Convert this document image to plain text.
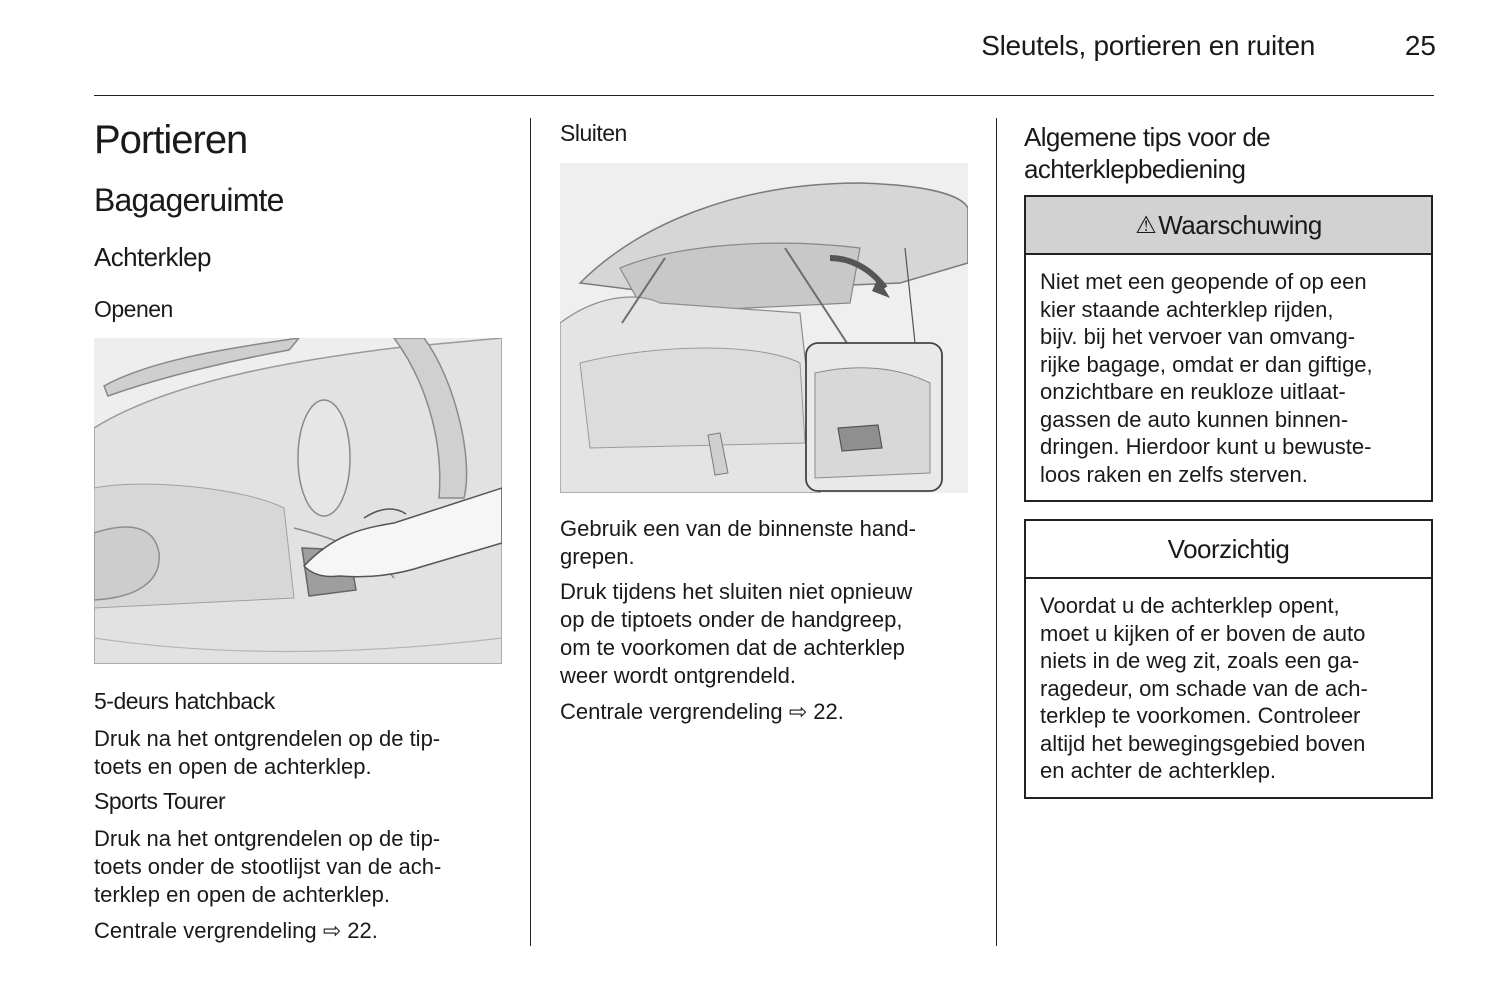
Sleutels, portieren en ruiten	25
Portieren
Bagageruimte
Achterklep
Openen
5-deurs hatchback
Druk na het ontgrendelen op de tip-
toets en open de achterklep.
Sports Tourer
Druk na het ontgrendelen op de tip-
toets onder de stootlijst van de ach-
terklep en open de achterklep.
Centrale vergrendeling ⇨ 22.
Sluiten
Gebruik een van de binnenste hand-
grepen.
Druk tijdens het sluiten niet opnieuw
op de tiptoets onder de handgreep,
om te voorkomen dat de achterklep
weer wordt ontgrendeld.
Centrale vergrendeling ⇨ 22.
Algemene tips voor de
achterklepbediening
⚠ Waarschuwing
Niet met een geopende of op een
kier staande achterklep rijden,
bijv. bij het vervoer van omvang-
rijke bagage, omdat er dan giftige,
onzichtbare en reukloze uitlaat-
gassen de auto kunnen binnen-
dringen. Hierdoor kunt u bewuste-
loos raken en zelfs sterven.
Voorzichtig
Voordat u de achterklep opent,
moet u kijken of er boven de auto
niets in de weg zit, zoals een ga-
ragedeur, om schade van de ach-
terklep te voorkomen. Controleer
altijd het bewegingsgebied boven
en achter de achterklep.
